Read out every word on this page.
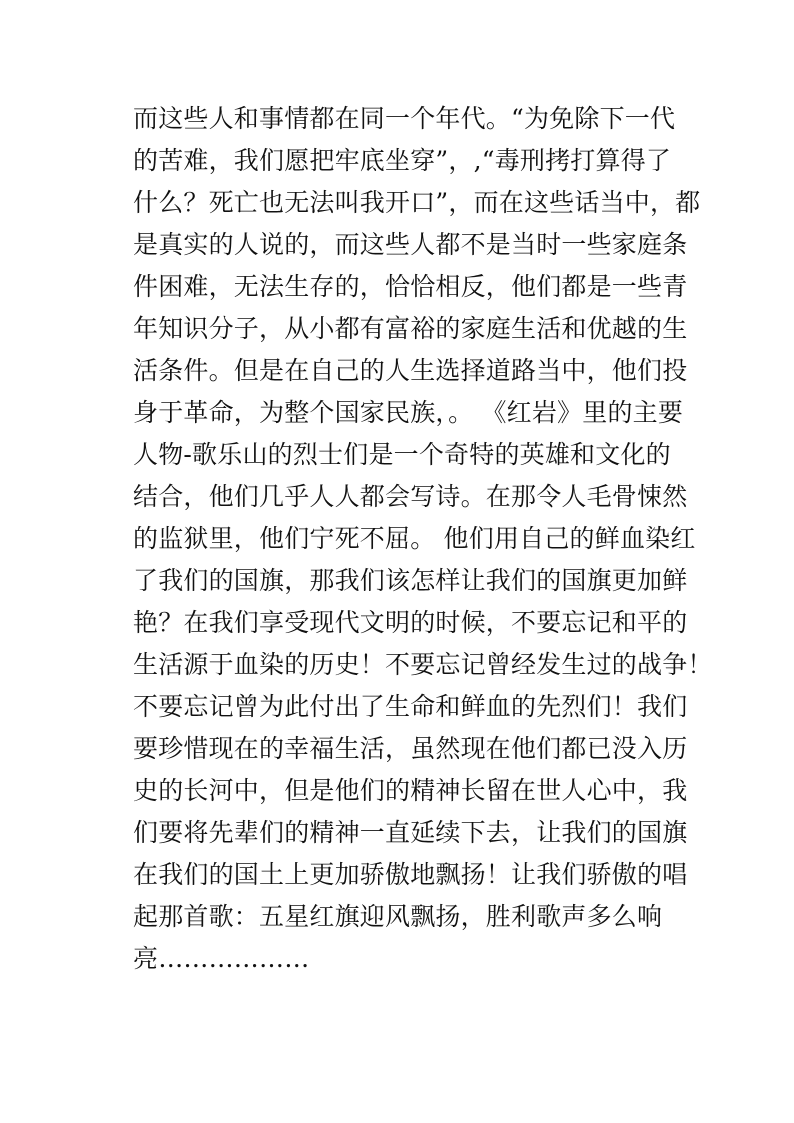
而这些人和事情都在同一个年代。“为免除下一代
的苦难，我们愿把牢底坐穿”，,“毒刑拷打算得了
什么？死亡也无法叫我开口”，而在这些话当中，都
是真实的人说的，而这些人都不是当时一些家庭条
件困难，无法生存的，恰恰相反，他们都是一些青
年知识分子，从小都有富裕的家庭生活和优越的生
活条件。但是在自己的人生选择道路当中，他们投
身于革命，为整个国家民族，。 《红岩》里的主要
人物-歌乐山的烈士们是一个奇特的英雄和文化的
结合，他们几乎人人都会写诗。在那令人毛骨悚然
的监狱里，他们宁死不屈。 他们用自己的鲜血染红
了我们的国旗，那我们该怎样让我们的国旗更加鲜
艳？在我们享受现代文明的时候，不要忘记和平的
生活源于血染的历史！不要忘记曾经发生过的战争！
不要忘记曾为此付出了生命和鲜血的先烈们！我们
要珍惜现在的幸福生活，虽然现在他们都已没入历
史的长河中，但是他们的精神长留在世人心中，我
们要将先辈们的精神一直延续下去，让我们的国旗
在我们的国土上更加骄傲地飘扬！让我们骄傲的唱
起那首歌：五星红旗迎风飘扬，胜利歌声多么响
亮………………
